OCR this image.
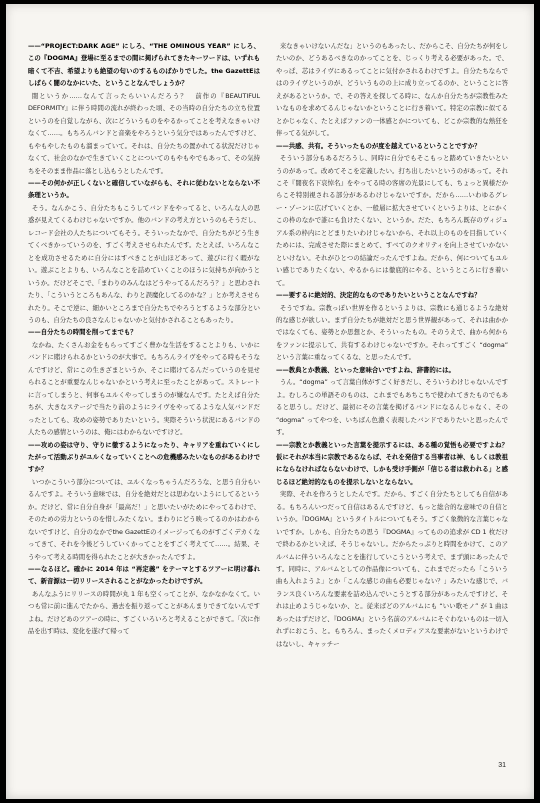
——“PROJECT:DARK AGE” にしろ、“THE OMINOUS YEAR” にしろ、この『DOGMA』登場に至るまでの間に掲げられてきたキーワードは、いずれも暗くて不吉、希望よりも絶望の匂いのするものばかりでした。the GazettEはしばらく闇のなかにいた、ということなんでしょうか？

闇というか……なんて言ったらいいんだろう？　前作の『BEAUTIFUL DEFORMITY』に伴う時間の流れが終わった頃、その当時の自分たちの立ち位置というのを自覚しながら、次にどういうものをやるかってことを考えなきゃいけなくて……。もちろんバンドと音楽をやろうという気分ではあったんですけど、もやもやしたものも溜まっていて。それは、自分たちの置かれてる状況だけじゃなくて、社会のなかで生きていくことについてのもやもやでもあって、その気持ちをそのまま作品に落とし込もうとしたんです。

——その何かが正しくないと確信していながらも、それに従わないとならない不条理というか。

そう。なんかこう、自分たちもこうしてバンドをやってると、いろんな人の思惑が見えてくるわけじゃないですか。他のバンドの考え方というのもそうだし、レコード会社の人たちについてもそう。そういったなかで、自分たちがどう生きてくべきかっていうのを、すごく考えさせられたんです。たとえば、いろんなことを成功させるために自分にはすべきことが山ほどあって、遊びに行く暇がない。遊ぶことよりも、いろんなことを詰めていくことのほうに気持ちが向かうというか。だけどそこで、「まわりのみんなはどうやってるんだろう？」と思わされたり、「こういうところもあんな、わりと誤魔化してるのかな？」とか考えさせられたり。そこで逆に、細かいところまで自分たちでやろうとするような部分というのも、自分たちの良さなんじゃないかと気付かされることもあったり。

——自分たちの時間を削ってまでも？

なかね、たくさんお金をもらってすごく豊かな生活をすることよりも、いかにバンドに賭けられるかというのが大事で。もちろんライヴをやってる時もそうなんですけど、常にこの生きざまというか、そこに賭けてるんだっていうのを見せられることが重要なんじゃないかという考えに至ったことがあって。ストレートに言ってしまうと、何事もユルくやってしまうのが嫌なんです。たとえば自分たちが、大きなステージで当たり前のようにライヴをやってるような人気バンドだったとしても、攻めの姿勢でありたいという。実際そういう状況にあるバンドの人たちの感情というのは、俺にはわからないですけど。

——攻めの姿は守り、守りに徹するようになったり、キャリアを重ねていくにしたがって活動ぶりがユルくなっていくことへの危機感みたいなものがあるわけですか？

いつかこういう部分については、ユルくなっちゃうんだろうな、と思う自分もいるんですよ。そういう意味では、自分を絶対だとは思わないようにしてるというか。だけど、常に自分自身が「最高だ！」と思いたいがためにやってるわけで、そのための労力というのを惜しみたくない。まわりにどう映ってるのかはわからないですけど、自分のなかでthe GazettEのイメージってものがすごくデカくなってきて、それを今後どうしていくかってことをすごく考えてて……。結果、そうやって考える時間を得られたことが大きかったんですよ。

——なるほど。確かに 2014 年は “再定義” をテーマとするツアーに明け暮れて、新音源は一切リリースされることがなかったわけですが。

あんなふうにリリースの時間が丸 1 年も空くってことが、なかなかなくて。いつも常に前に進んでたから、過去を振り返ってことがあんまりできてないんですよね。だけどあのツアーの時に、すごくいろいろと考えることができて。「次に作品を出す時は、変化を遂げて帰って

来なきゃいけないんだな」というのもあったし、だからこそ、自分たちが何をしたいのか、どうあるべきなのかってことを、じっくり考える必要があった。で、やっぱ、芯はライヴにあるってことに気付かされるわけですよ。自分たちならではのライヴというのが、どういうものの上に成り立ってるのか、ということに答えがあるというか。で、その答えを探してる時に、なんか自分たちが宗教性みたいなものを求めてるんじゃないかということに行き着いて。特定の宗教に似てるとかじゃなく、たとえばファンの一体感とかについても、どこか宗教的な熱狂を伴ってる気がして。

——共感、共有。そういったものが度を越えているということですか？

そういう部分もあるだろうし、同時に自分でもそこもっと踏めていきたいというのがあって。改めてそこを定義したい。打ち出したいというのがあって。それこそ『闇夜名下哀悼名』をやってる時の客席の光景にしても、ちょっと異様だからこそ特別視される部分があるわけじゃないですか。だから……いわゆるグレー・ゾーンに広げていくとか、一般層に拡大させていくというよりは、とにかくこの枠のなかで誰にも負けたくない、というか。だた、もちろん既存のヴィジュアル系の枠内にとどまりたいわけじゃないから、それ以上のものを目指していくためには、完成させた際にまとめて、すべてのクオリティを向上させていかないといけない。それがひとつの結論だったんですよね。だから、何についてもユルい感じでありたくない、やるからには徹底的にやる、というところに行き着いて。

——要するに絶対的、決定的なものでありたいということなんですね？

そうですね。宗教っぽい世界を作るというよりは、宗教にも通じるような絶対的な感じが欲しい。まず自分たちが絶対だと思う世界観があって、それは曲かかではなくても、姿勢とか思想とか、そういったもの。そのうえで、曲から何からをファンに提示して、共有するわけじゃないですか。それってすごく “dogma” という言葉に重なってくるな、と思ったんです。

——教典とか教義、といった意味合いですよね、辞書的には。

うん。“dogma” って言葉自体がすごく好きだし、そういうわけじゃないんですよ。むしろこの単語そのものは、これまでもあちこちで使われてきたものでもあると思うし。だけど、最初にその言葉を掲げるバンドになるんじゃなく、その “dogma” ってやつを、いちばん色濃く表現したバンドでありたいと思ったんです。

——宗教とか教義といった言葉を提示するには、ある種の覚悟も必要ですよね？　仮にそれが本当に宗教であるならば、それを発信する当事者は神、もしくは教祖にならなければならないわけで、しかも受け手側が「信じる者は救われる」と感じるほど絶対的なものを提示しないとならない。

実際、それを作ろうとしたんです。だから、すごく自分たちとしても自信がある。もちろんいつだって自信はあるんですけど、もっと総合的な意味での自信というか。『DOGMA』というタイトルについてもそう。すごく象徴的な言葉じゃないですか。しかも、自分たちの思う『DOGMA』ってものの追求が CD 1 枚だけで終わるかといえば、そうじゃないし。だからたっぷりと時間をかけて、このアルバムに伴ういろんなことを進行していこうという考えで、まず頭にあったんです。同時に、アルバムとしての作品像についても、これまでだったら「こういう曲も入れようよ」とか「こんな感じの曲も必要じゃない？」みたいな感じで、バランス良くいろんな要素を詰め込んでいこうとする部分があったんですけど、それは止めようじゃないか、と。従来ばどのアルバムにも “いい歌モノ” が 1 曲はあったはずだけど、『DOGMA』という名前のアルバムにそぐわないものは一切入れずにおこう、と。もちろん、まったくメロディアスな要素がないというわけではないし、キャッチー

31
